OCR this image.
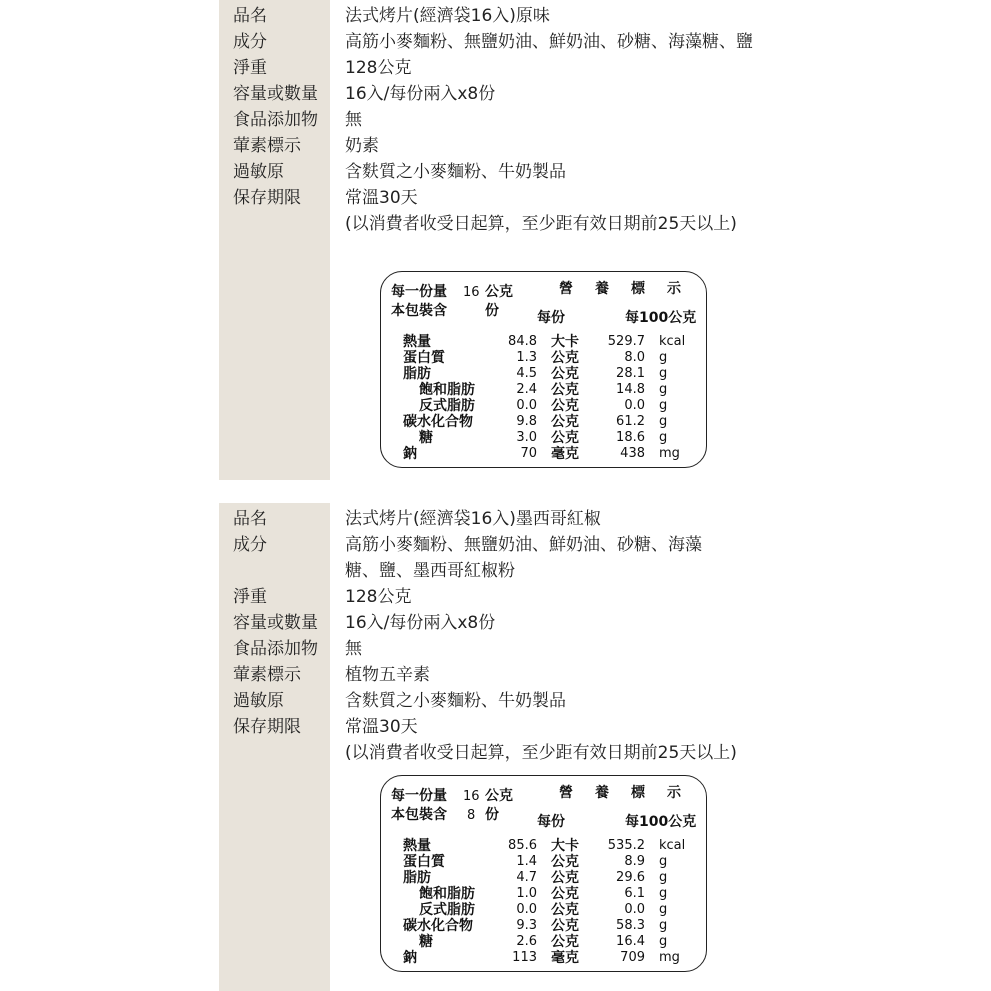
品名	法式烤片(經濟袋16入)原味
成分	高筋小麥麵粉、無鹽奶油、鮮奶油、砂糖、海藻糖、鹽
淨重	128公克
容量或數量 16入/每份兩入x8份
食品添加物 無
葷素標示	奶素
過敏原	含麩質之小麥麵粉、牛奶製品
保存期限	常溫30天
(以消費者收受日起算，至少距有效日期前25天以上)
每一份量 16 公克	營養標示
本包裝含	份	每份	每100公克
熱量	84.8 大卡	529.7 kcal
蛋白質	1.3 公克	8.0 g
脂肪	4.5 公克	28.1 g
飽和脂肪	2.4 公克	14.8 g
反式脂肪	0.0 公克	0.0 g
碳水化合物	9.8 公克	61.2 g
糖	3.0 公克	18.6 g
鈉	70 毫克	438 mg
品名	法式烤片(經濟袋16入)墨西哥紅椒
成分	高筋小麥麵粉、無鹽奶油、鮮奶油、砂糖、海藻
糖、鹽、墨西哥紅椒粉
淨重	128公克
容量或數量 16入/每份兩入x8份
食品添加物 無
葷素標示	植物五辛素
過敏原	含麩質之小麥麵粉、牛奶製品
保存期限	常溫30天
(以消費者收受日起算，至少距有效日期前25天以上)
每一份量 16 公克	營養標示
本包裝含 8 份	每份	每100公克
熱量	85.6 大卡	535.2 kcal
蛋白質	1.4 公克	8.9 g
脂肪	4.7 公克	29.6 g
飽和脂肪	1.0 公克	6.1 g
反式脂肪	0.0 公克	0.0 g
碳水化合物	9.3 公克	58.3 g
糖	2.6 公克	16.4 g
鈉	113 毫克	709 mg
